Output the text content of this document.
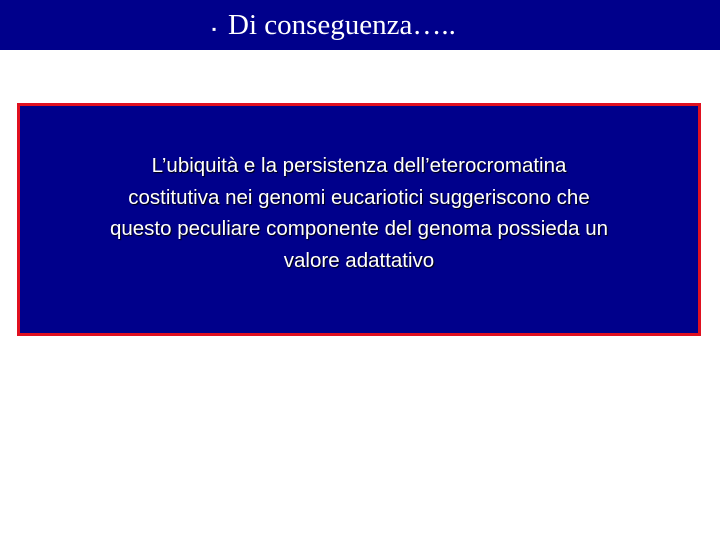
▪ Di conseguenza…..
L’ubiquità e la persistenza dell’eterocromatina
costitutiva nei genomi eucariotici suggeriscono che
questo peculiare componente del genoma possieda un
valore adattativo
